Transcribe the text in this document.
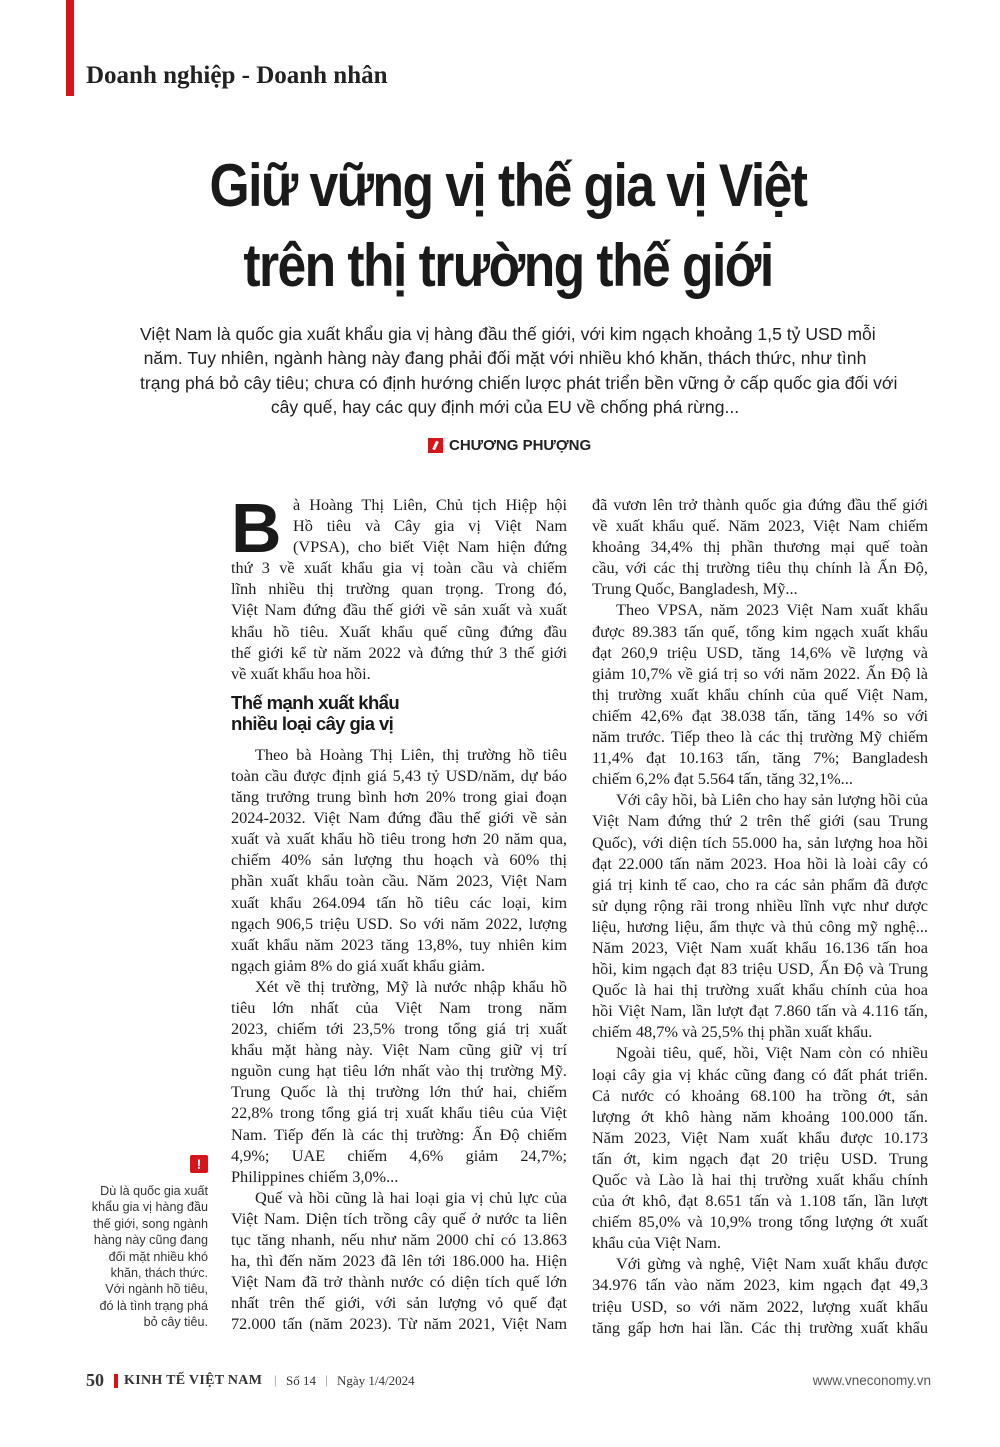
Doanh nghiệp - Doanh nhân
Giữ vững vị thế gia vị Việt
trên thị trường thế giới
Việt Nam là quốc gia xuất khẩu gia vị hàng đầu thế giới, với kim ngạch khoảng 1,5 tỷ USD mỗi
năm. Tuy nhiên, ngành hàng này đang phải đối mặt với nhiều khó khăn, thách thức, như tình
trạng phá bỏ cây tiêu; chưa có định hướng chiến lược phát triển bền vững ở cấp quốc gia đối với
cây quế, hay các quy định mới của EU về chống phá rừng...
CHƯƠNG PHƯỢNG
B à Hoàng Thị Liên, Chủ tịch Hiệp hội
Hồ tiêu và Cây gia vị Việt Nam
(VPSA), cho biết Việt Nam hiện đứng
thứ 3 về xuất khẩu gia vị toàn cầu và chiếm
lĩnh nhiều thị trường quan trọng. Trong đó,
Việt Nam đứng đầu thế giới về sản xuất và xuất
khẩu hồ tiêu. Xuất khẩu quế cũng đứng đầu
thế giới kể từ năm 2022 và đứng thứ 3 thế giới
về xuất khẩu hoa hồi.
Thế mạnh xuất khẩu
nhiều loại cây gia vị
Theo bà Hoàng Thị Liên, thị trường hồ tiêu
toàn cầu được định giá 5,43 tỷ USD/năm, dự báo
tăng trưởng trung bình hơn 20% trong giai đoạn
2024-2032. Việt Nam đứng đầu thế giới về sản
xuất và xuất khẩu hồ tiêu trong hơn 20 năm qua,
chiếm 40% sản lượng thu hoạch và 60% thị
phần xuất khẩu toàn cầu. Năm 2023, Việt Nam
xuất khẩu 264.094 tấn hồ tiêu các loại, kim
ngạch 906,5 triệu USD. So với năm 2022, lượng
xuất khẩu năm 2023 tăng 13,8%, tuy nhiên kim
ngạch giảm 8% do giá xuất khẩu giảm.
Xét về thị trường, Mỹ là nước nhập khẩu hồ
tiêu lớn nhất của Việt Nam trong năm
2023, chiếm tới 23,5% trong tổng giá trị xuất
khẩu mặt hàng này. Việt Nam cũng giữ vị trí
nguồn cung hạt tiêu lớn nhất vào thị trường Mỹ.
Trung Quốc là thị trường lớn thứ hai, chiếm
22,8% trong tổng giá trị xuất khẩu tiêu của Việt
Nam. Tiếp đến là các thị trường: Ấn Độ chiếm
4,9%; UAE chiếm 4,6% giảm 24,7%;
Philippines chiếm 3,0%...
Quế và hồi cũng là hai loại gia vị chủ lực của
Việt Nam. Diện tích trồng cây quế ở nước ta liên
tục tăng nhanh, nếu như năm 2000 chỉ có 13.863
ha, thì đến năm 2023 đã lên tới 186.000 ha. Hiện
Việt Nam đã trở thành nước có diện tích quế lớn
nhất trên thế giới, với sản lượng vỏ quế đạt
72.000 tấn (năm 2023). Từ năm 2021, Việt Nam
đã vươn lên trở thành quốc gia đứng đầu thế giới
về xuất khẩu quế. Năm 2023, Việt Nam chiếm
khoảng 34,4% thị phần thương mại quế toàn
cầu, với các thị trường tiêu thụ chính là Ấn Độ,
Trung Quốc, Bangladesh, Mỹ...
Theo VPSA, năm 2023 Việt Nam xuất khẩu
được 89.383 tấn quế, tổng kim ngạch xuất khẩu
đạt 260,9 triệu USD, tăng 14,6% về lượng và
giảm 10,7% về giá trị so với năm 2022. Ấn Độ là
thị trường xuất khẩu chính của quế Việt Nam,
chiếm 42,6% đạt 38.038 tấn, tăng 14% so với
năm trước. Tiếp theo là các thị trường Mỹ chiếm
11,4% đạt 10.163 tấn, tăng 7%; Bangladesh
chiếm 6,2% đạt 5.564 tấn, tăng 32,1%...
Với cây hồi, bà Liên cho hay sản lượng hồi của
Việt Nam đứng thứ 2 trên thế giới (sau Trung
Quốc), với diện tích 55.000 ha, sản lượng hoa hồi
đạt 22.000 tấn năm 2023. Hoa hồi là loài cây có
giá trị kinh tế cao, cho ra các sản phẩm đã được
sử dụng rộng rãi trong nhiều lĩnh vực như dược
liệu, hương liệu, ẩm thực và thủ công mỹ nghệ...
Năm 2023, Việt Nam xuất khẩu 16.136 tấn hoa
hồi, kim ngạch đạt 83 triệu USD, Ấn Độ và Trung
Quốc là hai thị trường xuất khẩu chính của hoa
hồi Việt Nam, lần lượt đạt 7.860 tấn và 4.116 tấn,
chiếm 48,7% và 25,5% thị phần xuất khẩu.
Ngoài tiêu, quế, hồi, Việt Nam còn có nhiều
loại cây gia vị khác cũng đang có đất phát triển.
Cả nước có khoảng 68.100 ha trồng ớt, sản
lượng ớt khô hàng năm khoảng 100.000 tấn.
Năm 2023, Việt Nam xuất khẩu được 10.173
tấn ớt, kim ngạch đạt 20 triệu USD. Trung
Quốc và Lào là hai thị trường xuất khẩu chính
của ớt khô, đạt 8.651 tấn và 1.108 tấn, lần lượt
chiếm 85,0% và 10,9% trong tổng lượng ớt xuất
khẩu của Việt Nam.
Với gừng và nghệ, Việt Nam xuất khẩu được
34.976 tấn vào năm 2023, kim ngạch đạt 49,3
triệu USD, so với năm 2022, lượng xuất khẩu
tăng gấp hơn hai lần. Các thị trường xuất khẩu
!
Dù là quốc gia xuất
khẩu gia vị hàng đầu
thế giới, song ngành
hàng này cũng đang
đối mặt nhiều khó
khăn, thách thức.
Với ngành hồ tiêu,
đó là tình trạng phá
bỏ cây tiêu.
50 KINH TẾ VIỆT NAM | Số 14 | Ngày 1/4/2024	www.vneconomy.vn
